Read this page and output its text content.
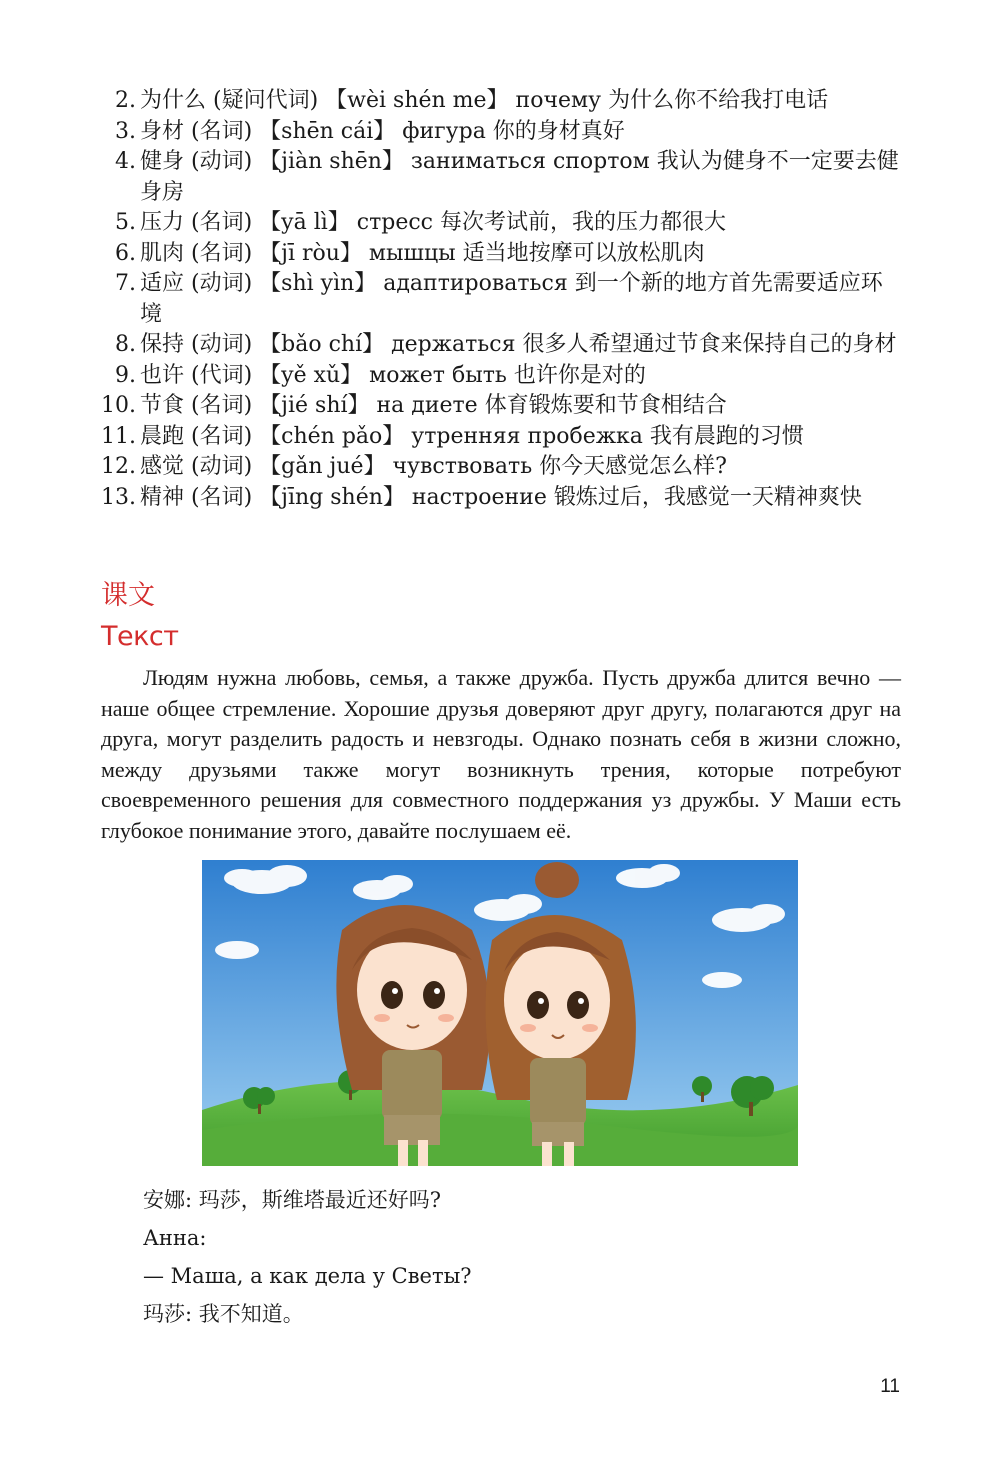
2. 为什么 (疑问代词) 【wèi shén me】 почему 为什么你不给我打电话
3. 身材 (名词) 【shēn cái】 фигура 你的身材真好
4. 健身 (动词) 【jiàn shēn】 заниматься спортом 我认为健身不一定要去健身房
5. 压力 (名词) 【yā lì】 стресс 每次考试前，我的压力都很大
6. 肌肉 (名词) 【jī ròu】 мышцы 适当地按摩可以放松肌肉
7. 适应 (动词) 【shì yìn】 адаптироваться 到一个新的地方首先需要适应环境
8. 保持 (动词) 【bǎo chí】 держаться 很多人希望通过节食来保持自己的身材
9. 也许 (代词) 【yě xǔ】 может быть 也许你是对的
10. 节食 (名词) 【jié shí】 на диете 体育锻炼要和节食相结合
11. 晨跑 (名词) 【chén pǎo】 утренняя пробежка 我有晨跑的习惯
12. 感觉 (动词) 【gǎn jué】 чувствовать 你今天感觉怎么样?
13. 精神 (名词) 【jīng shén】 настроение 锻炼过后，我感觉一天精神爽快
课文
Текст

Людям нужна любовь, семья, а также дружба. Пусть дружба длится вечно — наше общее стремление. Хорошие друзья доверяют друг другу, полагаются друг на друга, могут разделить радость и невзгоды. Однако познать себя в жизни сложно, между друзьями также могут возникнуть трения, которые потребуют своевременного решения для совместного поддержания уз дружбы. У Маши есть глубокое понимание этого, давайте послушаем её.

安娜: 玛莎，斯维塔最近还好吗?
Анна:
— Маша, а как дела у Светы?
玛莎: 我不知道。
11
